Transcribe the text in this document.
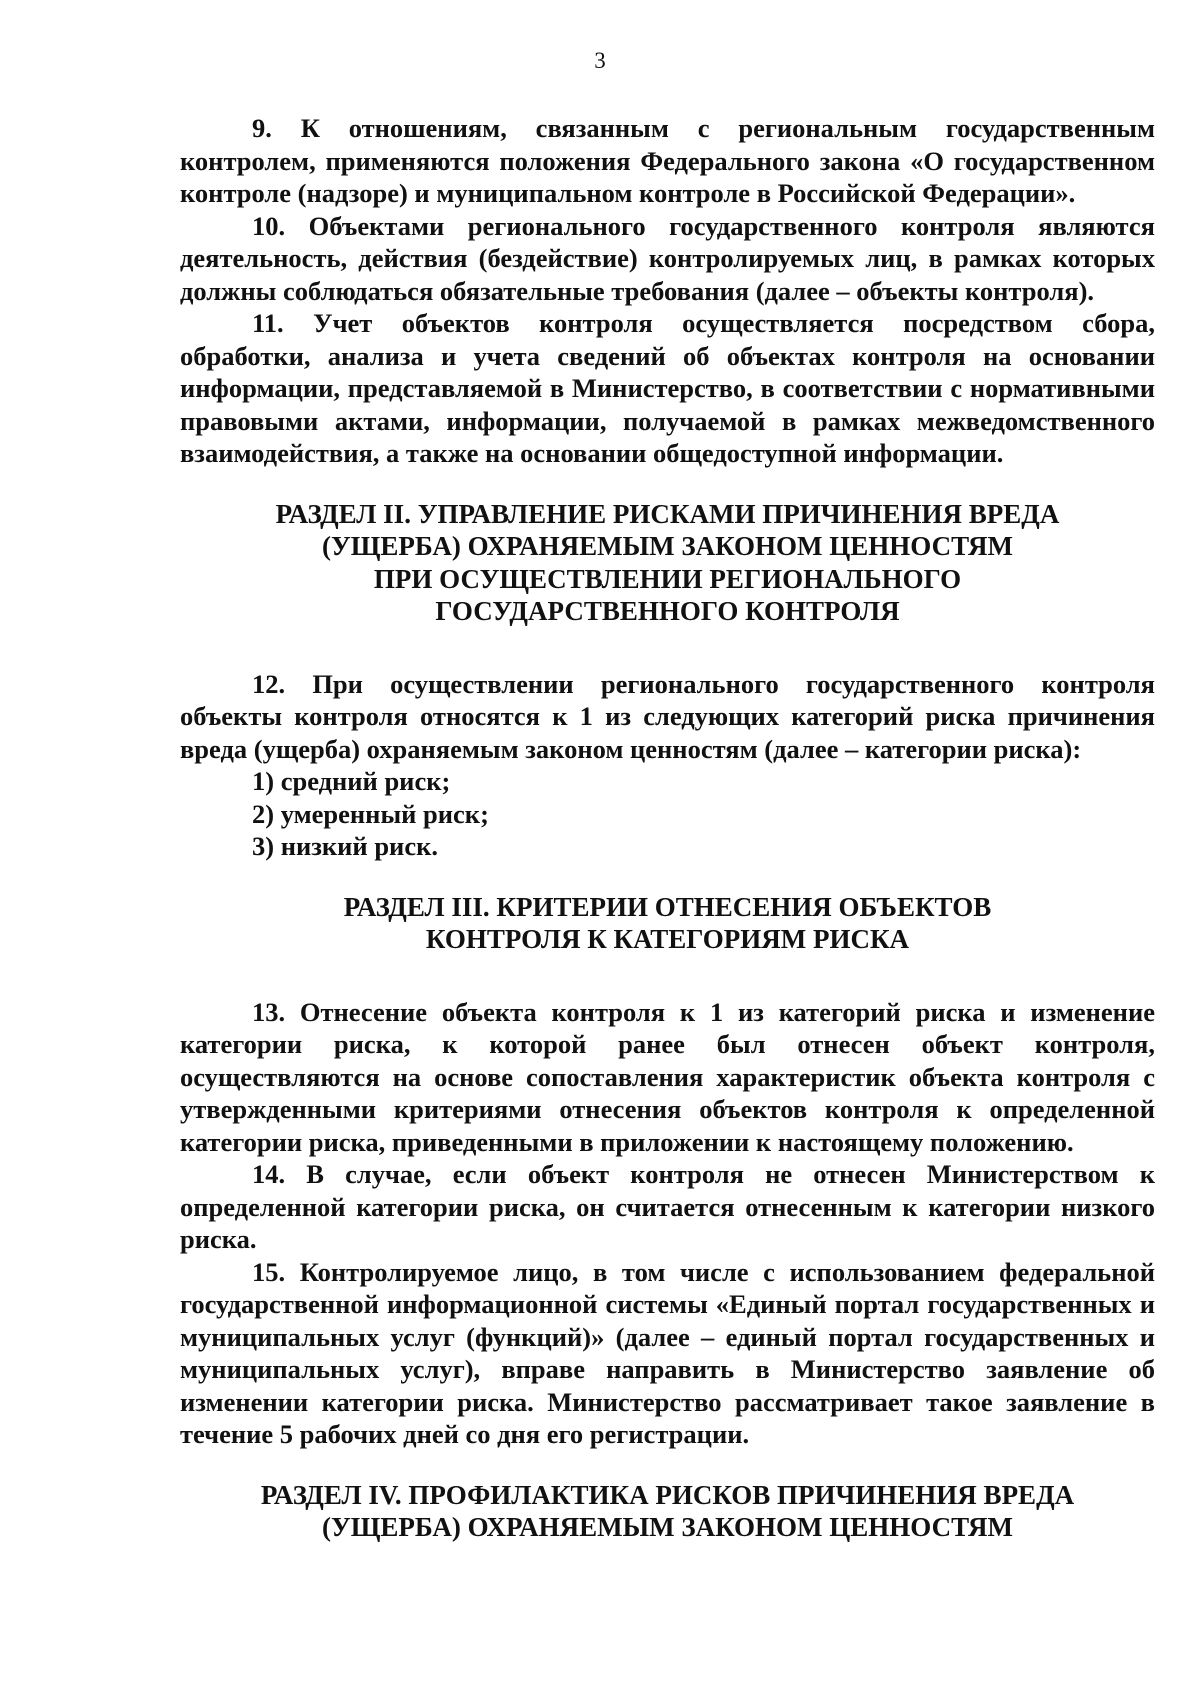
3

9. К отношениям, связанным с региональным государственным контролем, применяются положения Федерального закона «О государственном контроле (надзоре) и муниципальном контроле в Российской Федерации».

10. Объектами регионального государственного контроля являются деятельность, действия (бездействие) контролируемых лиц, в рамках которых должны соблюдаться обязательные требования (далее – объекты контроля).

11. Учет объектов контроля осуществляется посредством сбора, обработки, анализа и учета сведений об объектах контроля на основании информации, представляемой в Министерство, в соответствии с нормативными правовыми актами, информации, получаемой в рамках межведомственного взаимодействия, а также на основании общедоступной информации.

РАЗДЕЛ II. УПРАВЛЕНИЕ РИСКАМИ ПРИЧИНЕНИЯ ВРЕДА
(УЩЕРБА) ОХРАНЯЕМЫМ ЗАКОНОМ ЦЕННОСТЯМ
ПРИ ОСУЩЕСТВЛЕНИИ РЕГИОНАЛЬНОГО
ГОСУДАРСТВЕННОГО КОНТРОЛЯ

12. При осуществлении регионального государственного контроля объекты контроля относятся к 1 из следующих категорий риска причинения вреда (ущерба) охраняемым законом ценностям (далее – категории риска):

1) средний риск;

2) умеренный риск;

3) низкий риск.

РАЗДЕЛ III. КРИТЕРИИ ОТНЕСЕНИЯ ОБЪЕКТОВ
КОНТРОЛЯ К КАТЕГОРИЯМ РИСКА

13. Отнесение объекта контроля к 1 из категорий риска и изменение категории риска, к которой ранее был отнесен объект контроля, осуществляются на основе сопоставления характеристик объекта контроля с утвержденными критериями отнесения объектов контроля к определенной категории риска, приведенными в приложении к настоящему положению.

14. В случае, если объект контроля не отнесен Министерством к определенной категории риска, он считается отнесенным к категории низкого риска.

15. Контролируемое лицо, в том числе с использованием федеральной государственной информационной системы «Единый портал государственных и муниципальных услуг (функций)» (далее – единый портал государственных и муниципальных услуг), вправе направить в Министерство заявление об изменении категории риска. Министерство рассматривает такое заявление в течение 5 рабочих дней со дня его регистрации.

РАЗДЕЛ IV. ПРОФИЛАКТИКА РИСКОВ ПРИЧИНЕНИЯ ВРЕДА
(УЩЕРБА) ОХРАНЯЕМЫМ ЗАКОНОМ ЦЕННОСТЯМ
